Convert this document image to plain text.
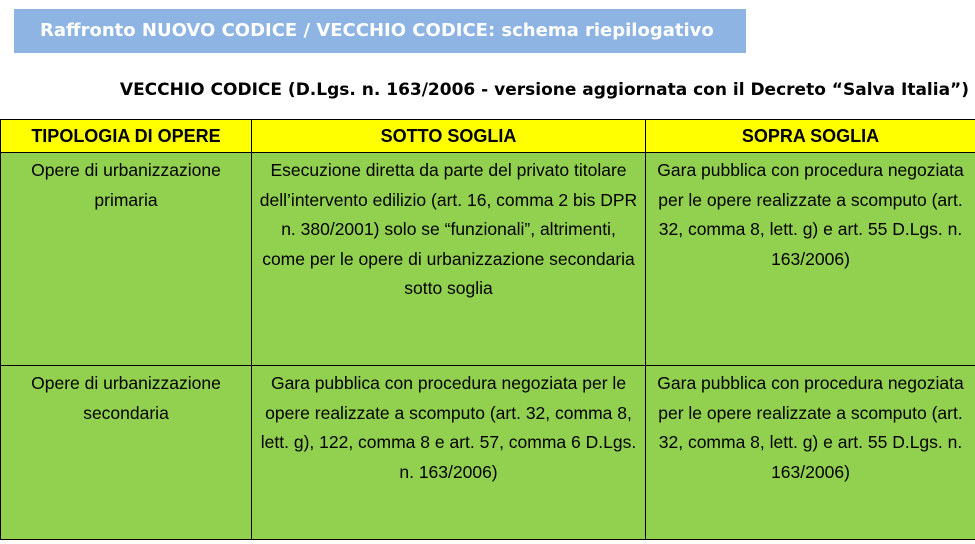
Raffronto NUOVO CODICE / VECCHIO CODICE: schema riepilogativo
VECCHIO CODICE (D.Lgs. n. 163/2006 - versione aggiornata con il Decreto “Salva Italia”)
TIPOLOGIA DI OPERE	SOTTO SOGLIA	SOPRA SOGLIA
Opere di urbanizzazione primaria	Esecuzione diretta da parte del privato titolare dell’intervento edilizio (art. 16, comma 2 bis DPR n. 380/2001) solo se “funzionali”, altrimenti, come per le opere di urbanizzazione secondaria sotto soglia	Gara pubblica con procedura negoziata per le opere realizzate a scomputo (art. 32, comma 8, lett. g) e art. 55 D.Lgs. n. 163/2006)
Opere di urbanizzazione secondaria	Gara pubblica con procedura negoziata per le opere realizzate a scomputo (art. 32, comma 8, lett. g), 122, comma 8 e art. 57, comma 6 D.Lgs. n. 163/2006)	Gara pubblica con procedura negoziata per le opere realizzate a scomputo (art. 32, comma 8, lett. g) e art. 55 D.Lgs. n. 163/2006)
